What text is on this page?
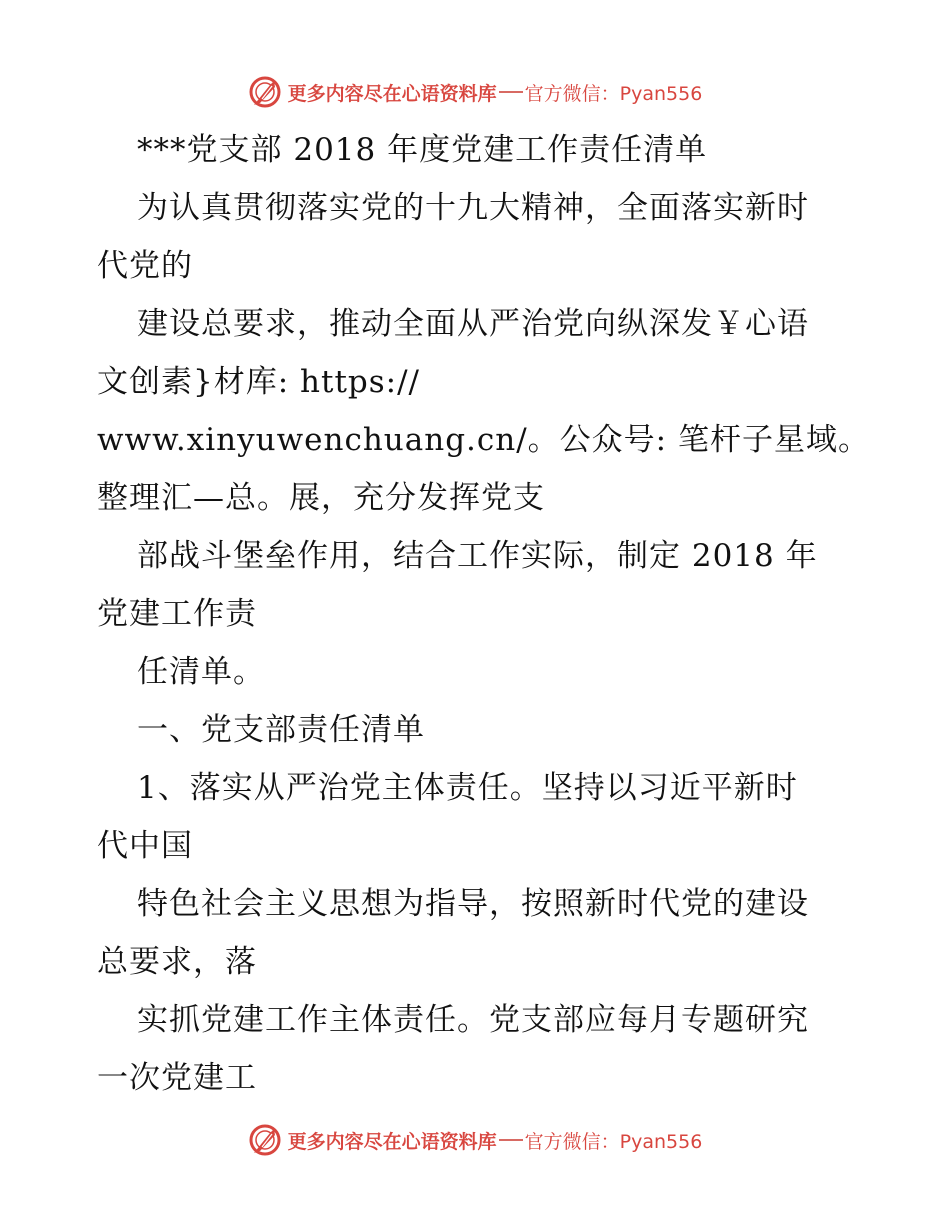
更多内容尽在心语资料库 官方微信：Pyan556
***党支部 2018 年度党建工作责任清单
为认真贯彻落实党的十九大精神，全面落实新时
代党的
建设总要求，推动全面从严治党向纵深发￥心语
文创素}材库: https://
www.xinyuwenchuang.cn/。公众号: 笔杆子星域。
整理汇—总。展，充分发挥党支
部战斗堡垒作用，结合工作实际，制定 2018 年
党建工作责
任清单。
一、党支部责任清单
1、落实从严治党主体责任。坚持以习近平新时
代中国
特色社会主义思想为指导，按照新时代党的建设
总要求，落
实抓党建工作主体责任。党支部应每月专题研究
一次党建工
更多内容尽在心语资料库 官方微信：Pyan556
